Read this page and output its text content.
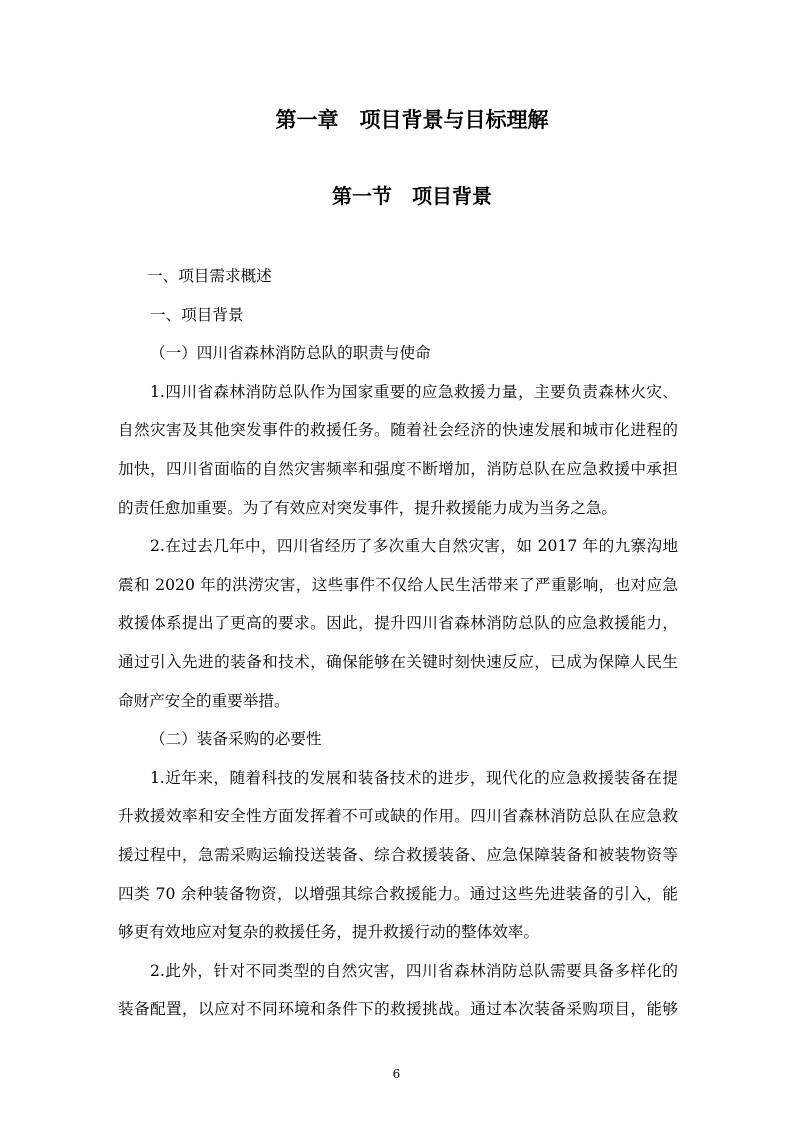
第一章　项目背景与目标理解
第一节　项目背景
一、项目需求概述
一、项目背景
（一）四川省森林消防总队的职责与使命
1.四川省森林消防总队作为国家重要的应急救援力量，主要负责森林火灾、
自然灾害及其他突发事件的救援任务。随着社会经济的快速发展和城市化进程的
加快，四川省面临的自然灾害频率和强度不断增加，消防总队在应急救援中承担
的责任愈加重要。为了有效应对突发事件，提升救援能力成为当务之急。
2.在过去几年中，四川省经历了多次重大自然灾害，如 2017 年的九寨沟地
震和 2020 年的洪涝灾害，这些事件不仅给人民生活带来了严重影响，也对应急
救援体系提出了更高的要求。因此，提升四川省森林消防总队的应急救援能力，
通过引入先进的装备和技术，确保能够在关键时刻快速反应，已成为保障人民生
命财产安全的重要举措。
（二）装备采购的必要性
1.近年来，随着科技的发展和装备技术的进步，现代化的应急救援装备在提
升救援效率和安全性方面发挥着不可或缺的作用。四川省森林消防总队在应急救
援过程中，急需采购运输投送装备、综合救援装备、应急保障装备和被装物资等
四类 70 余种装备物资，以增强其综合救援能力。通过这些先进装备的引入，能
够更有效地应对复杂的救援任务，提升救援行动的整体效率。
2.此外，针对不同类型的自然灾害，四川省森林消防总队需要具备多样化的
装备配置，以应对不同环境和条件下的救援挑战。通过本次装备采购项目，能够
6
